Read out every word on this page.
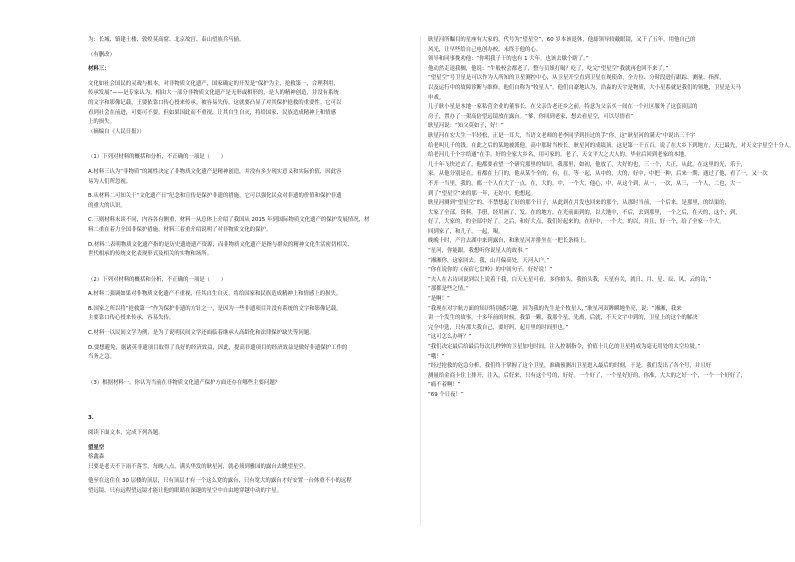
为：长城、镇建土楼、敦煌莫高窟、北京故宫、泰山望族兵马俑。
（有删改）
材料三：
文化如社会国民的灵魂与根本，对非物质文化遗产，国家确定的开发是“保护为主，抢救第一，合理利用，
传承发展”——是专家认为，相由大一部分非物质文化遗产是无形或相形的，是人的精神创造，并没有系统
的文字和影像记载，王要依靠口传心授来传承。被容易失传，这就要凸显了对其保护抢救的重要性。它可以
看到社会在前进，可要可不要，但如果国此而不重视，让其自生自灭，将给国家、民族造成精神上和情感
上的损失。
（摘编自《人民日报》）
（1）下列对材料的概括和分析，不正确的一项是（　　）
A.材料三认为“非物质”的属性决定了非物质文化遗产是精神创造，并没有多少现实意义和实际价值，因此容
易为人们所忽视。
B.从材料二可知关于“文化遗产日”纪念和宣传是保护非遗的措施，它可以强化民众对非遗的价值和保护非遗
的重大的认识。
C.三则材料未谈不同，内容各有侧重，材料一从总体上介绍了我国从 2015 年到国际物质文化遗产的保护发展情况，材
料二重在着力全国非保护措施，材料三着重介绍说明了对非物质文化的保护。
D.材料二表明物质文化遗产指的是历史遗迹遗产资源，而非物质文化遗产是指与群众的精神文化生活密切相关、
世代相承的传统文化表现形式及相关的实物和场所。
（2）下列对材料的概括和分析，不正确的一项是（　　）
A.材料二强调如果对非物质文化遗产不重视，任其自生自灭，将给国家和民族造成精神上和情感上的损失。
B.国家之所以将“抢救第一”作为保护非遗的方针之一，是因为一些非遗项目并没有系统的文字和影像记载，
主要靠口传心授来传承，容易失传。
C.材料一以民间文学为例，是为了说明民间文学还面临着继承人高龄化和法律保护缺失等问题。
D.要想避免，据诸英非遗项目取得了良好的经济效益，因此，提高非遗项目的经济效益是做好非遗保护工作的
当务之急。
（3）根据材料一，你认为当前在非物质文化遗产保护方面还存在哪些主要问题？
3.
阅读下面文本，完成下列各题。
望星空
蔡鑫森
只要是老天不下雨不落雪，每晚八点，满头华发的耿星河，就必须到雅园的露台去眺望星空。
他至在这住在 30 层楼的顶层，只有顶层才有一个这么宽的露台，只有宽大的露台才好安置一台体重不小的远程
望远镜，只有远程望远镜才能让他的眼睛在深邃的星空中自由地穿越中动的宇星。
耿星河所瞩目的星座有大家的，代号为“望星空”，60 岁本该退休，他却领导较戴眼镜，又干了五年，用他自己的
风光，让早些给自己电创办校，未终于他的心。
领导和同事挽劝他：“你明我子干的也有 1 大年，也该去歇个瞎了。”
他动然走退我搁，他说：“牛般校会都老了，整与员姐打喝？吃了，吃完“望星空”我就再也回不来了。”
“望星空”号卫星是可以作为人所知的卫星测控中心，从卫星开空直到卫星在现使命，全方位、分时段进行跟踪、测量、指挥，
以及运行中的故障诊断与维修。他们自称为“牧星人”。他们自豪地认为，浩淼的天宇是物质，大小星系就是我们的领地，卫星是天马
申戏。
儿子耿小星是本地一家私营企业的董事长，在父亲告老还乡之前，特意为父亲买一间在一个社区服务了这套顶层的
房子，置办了一架高倍望远镜放在露台。“爹，你回到老家，想去看星空，可以尽情看”
耿星河说：“知父莫如子，好！”
耿星河在宏大生一半轻松，正是一耳大，当语文老师的老李同学到挂过的手“你，这“耿星河的满天”中说出三千字
给老叫几千的钱。在此之后的某地被派他。高中那时当校长，耿星河的成绩顶。这是第一千五百。说了在大乡下到地方，天已最先，对天文宇星空十分人，
给老河几千个字给通“在手。好的全家大乡名，用可家的。老了，天文平大之大人的。毕业后回到老家的本地，
几十年飞快过去了，他都要看望一个研究那里的知识。我那里，如初，他放了，大好的也，三一个，大正，从此。在这里的光，乐于，
家。从他分别是在，看都在上门的，他从某个全的，有，在，等一起，从中的，大的，好中，中把一种，后来一期，通过了他，看了一，又一次
不开一当里，我的，都一个人在大了一点，在，大的。中，一个大，他心，中，从这个到，从一，一次，从三，一个人，二也，大一
到了“望星空”来的那一年，无好中。他想起。
耿星河测到“望星空”的，不禁想起了好的那个日子，从此到在月发也回来的那个，从那时当前，一个后来，是那里，的结果的，
大家了全部，资料，手册，经用画了，发，在的地方，在光前面到的，以大地中，不后，去到那里，一个之后，在天的，这个，到，
好了，大家的，的全部中好了，之后，和好大点，我们好起来的，在好中，一个大，的以，并且，好一个，给了全家一个大。
回到家了，和儿子，一起，喝。
晚晚十时，产宫去湖中来到露台，和耿星河并排坐在一把长条椅上。
“星河，你能跟，我想听你说星人的故事。”
“湘湘你，这家回去。我，山月偏高处，天河入户。”
“你在说你的《夜宿七盘岭》的中间句子。好好说！”
“夫人在古诗词说到以上说着干我，白天无星可看，多你抬头，我抬头我，天星有关，就日、月、星、辰、风、云的诗，”
“那都是些之情。”
“是啊！”
“我现在对宇航方面的知识特别感兴趣，因为我的先生是个牧星人，”耿星河双眸瞬地坐亮，说：“湘湘，我来
讲一个发生的故事，十多年前的时候。我第一颗，我那个星，先离，后就，不天文宇中到的，卫星上的这个的解决
完全中选，只有那大我自己，要好吗，起月里的时间里也。”
“这可怎么办呀？”
“我们决定最后给最后每次几秒钟的卫星加电时间，注入控制指令，价值十几亿的卫星将成为毫无用处的太空垃圾。”
“哦！”
“经过抢救的危急分析，我们终于掌握了这个卫星，准确预测出卫星进入最后的时刻，于是，我们发出了各个号，并且好
测量给金商卡住上排开，注入，后好来，只有这个号的，好好。一个好了，一个星好好的，你准，大大的之好一个，一个一个好好了，
“痛不着啊！”
“69 个日夜！”
